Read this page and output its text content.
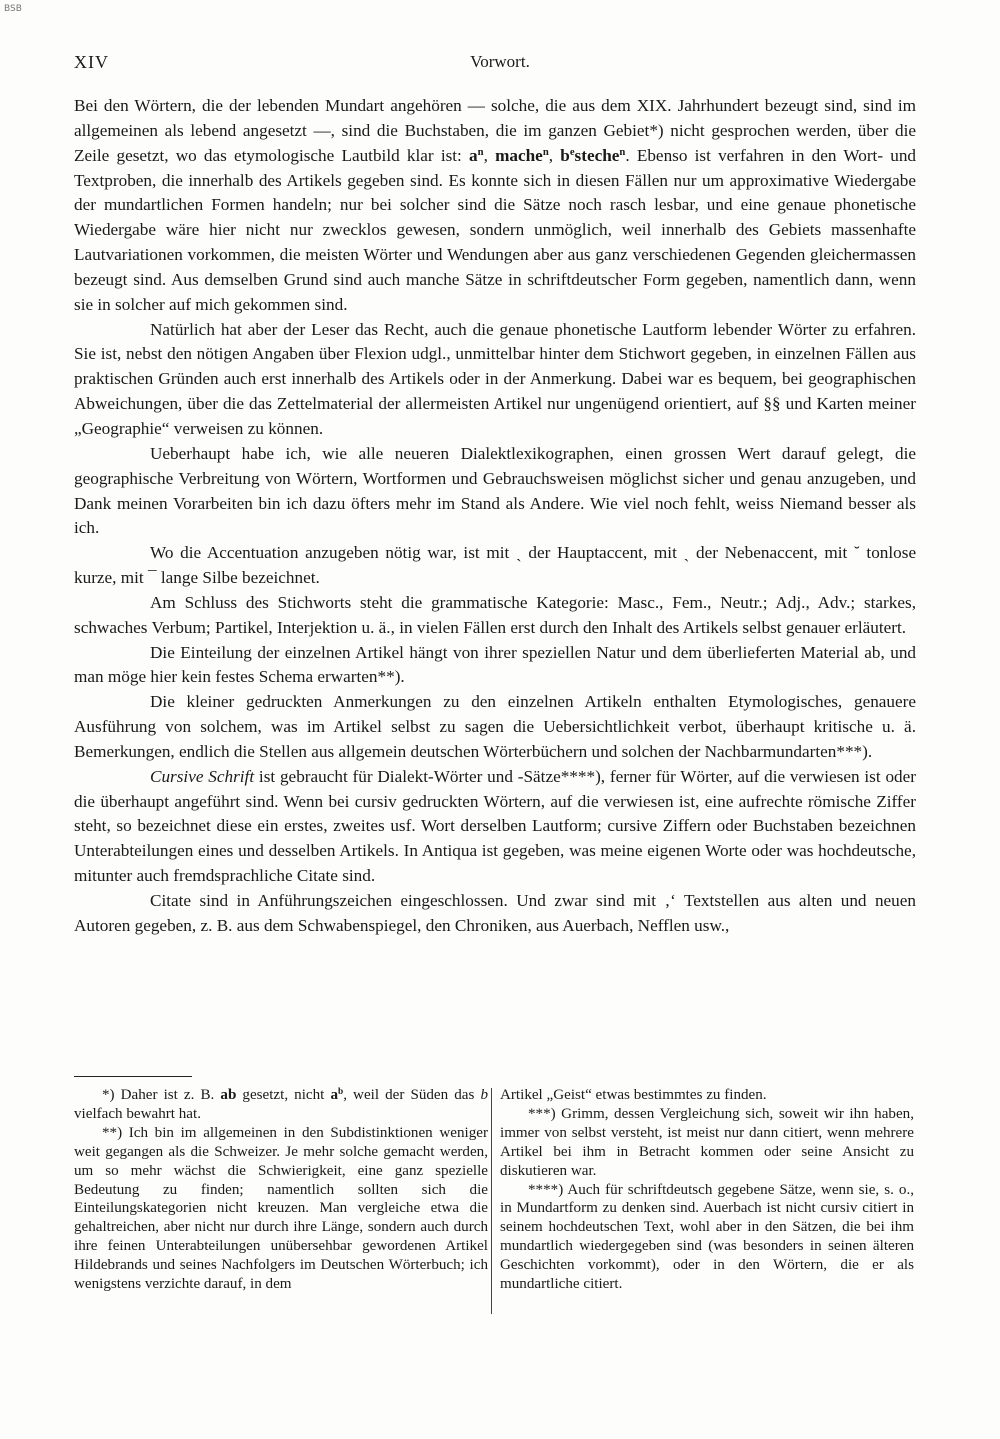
BSB
XIV	Vorwort.

Bei den Wörtern, die der lebenden Mundart angehören — solche, die aus dem XIX. Jahrhundert bezeugt sind, sind im allgemeinen als lebend angesetzt —, sind die Buchstaben, die im ganzen Gebiet*) nicht gesprochen werden, über die Zeile gesetzt, wo das etymologische Lautbild klar ist: $a^n$, mache$^n$, $b^esteche^n$. Ebenso ist verfahren in den Wort- und Textproben, die innerhalb des Artikels gegeben sind. Es konnte sich in diesen Fällen nur um approximative Wiedergabe der mundartlichen Formen handeln; nur bei solcher sind die Sätze noch rasch lesbar, und eine genaue phonetische Wiedergabe wäre hier nicht nur zwecklos gewesen, sondern unmöglich, weil innerhalb des Gebiets massenhafte Lautvariationen vorkommen, die meisten Wörter und Wendungen aber aus ganz verschiedenen Gegenden gleichermassen bezeugt sind. Aus demselben Grund sind auch manche Sätze in schriftdeutscher Form gegeben, namentlich dann, wenn sie in solcher auf mich gekommen sind.

Natürlich hat aber der Leser das Recht, auch die genaue phonetische Lautform lebender Wörter zu erfahren. Sie ist, nebst den nötigen Angaben über Flexion udgl., unmittelbar hinter dem Stichwort gegeben, in einzelnen Fällen aus praktischen Gründen auch erst innerhalb des Artikels oder in der Anmerkung. Dabei war es bequem, bei geographischen Abweichungen, über die das Zettelmaterial der allermeisten Artikel nur ungenügend orientiert, auf §§ und Karten meiner „Geographie“ verweisen zu können.

Ueberhaupt habe ich, wie alle neueren Dialektlexikographen, einen grossen Wert darauf gelegt, die geographische Verbreitung von Wörtern, Wortformen und Gebrauchsweisen möglichst sicher und genau anzugeben, und Dank meinen Vorarbeiten bin ich dazu öfters mehr im Stand als Andere. Wie viel noch fehlt, weiss Niemand besser als ich.

Wo die Accentuation anzugeben nötig war, ist mit ˏ der Hauptaccent, mit ˎ der Nebenaccent, mit ˘ tonlose kurze, mit ¯ lange Silbe bezeichnet.

Am Schluss des Stichworts steht die grammatische Kategorie: Masc., Fem., Neutr.; Adj., Adv.; starkes, schwaches Verbum; Partikel, Interjektion u. ä., in vielen Fällen erst durch den Inhalt des Artikels selbst genauer erläutert.

Die Einteilung der einzelnen Artikel hängt von ihrer speziellen Natur und dem überlieferten Material ab, und man möge hier kein festes Schema erwarten**).

Die kleiner gedruckten Anmerkungen zu den einzelnen Artikeln enthalten Etymologisches, genauere Ausführung von solchem, was im Artikel selbst zu sagen die Uebersichtlichkeit verbot, überhaupt kritische u. ä. Bemerkungen, endlich die Stellen aus allgemein deutschen Wörterbüchern und solchen der Nachbarmundarten***).

Cursive Schrift ist gebraucht für Dialekt-Wörter und -Sätze****), ferner für Wörter, auf die verwiesen ist oder die überhaupt angeführt sind. Wenn bei cursiv gedruckten Wörtern, auf die verwiesen ist, eine aufrechte römische Ziffer steht, so bezeichnet diese ein erstes, zweites usf. Wort derselben Lautform; cursive Ziffern oder Buchstaben bezeichnen Unterabteilungen eines und desselben Artikels. In Antiqua ist gegeben, was meine eigenen Worte oder was hochdeutsche, mitunter auch fremdsprachliche Citate sind.

Citate sind in Anführungszeichen eingeschlossen. Und zwar sind mit ‚‘ Textstellen aus alten und neuen Autoren gegeben, z. B. aus dem Schwabenspiegel, den Chroniken, aus Auerbach, Nefflen usw.,

*) Daher ist z. B. ab gesetzt, nicht $a^b$, weil der Süden das b vielfach bewahrt hat.

**) Ich bin im allgemeinen in den Subdistinktionen weniger weit gegangen als die Schweizer. Je mehr solche gemacht werden, um so mehr wächst die Schwierigkeit, eine ganz spezielle Bedeutung zu finden; namentlich sollten sich die Einteilungskategorien nicht kreuzen. Man vergleiche etwa die gehaltreichen, aber nicht nur durch ihre Länge, sondern auch durch ihre feinen Unterabteilungen unübersehbar gewordenen Artikel Hildebrands und seines Nachfolgers im Deutschen Wörterbuch; ich wenigstens verzichte darauf, in dem

Artikel „Geist“ etwas bestimmtes zu finden.

***) Grimm, dessen Vergleichung sich, soweit wir ihn haben, immer von selbst versteht, ist meist nur dann citiert, wenn mehrere Artikel bei ihm in Betracht kommen oder seine Ansicht zu diskutieren war.

****) Auch für schriftdeutsch gegebene Sätze, wenn sie, s. o., in Mundartform zu denken sind. Auerbach ist nicht cursiv citiert in seinem hochdeutschen Text, wohl aber in den Sätzen, die bei ihm mundartlich wiedergegeben sind (was besonders in seinen älteren Geschichten vorkommt), oder in den Wörtern, die er als mundartliche citiert.
